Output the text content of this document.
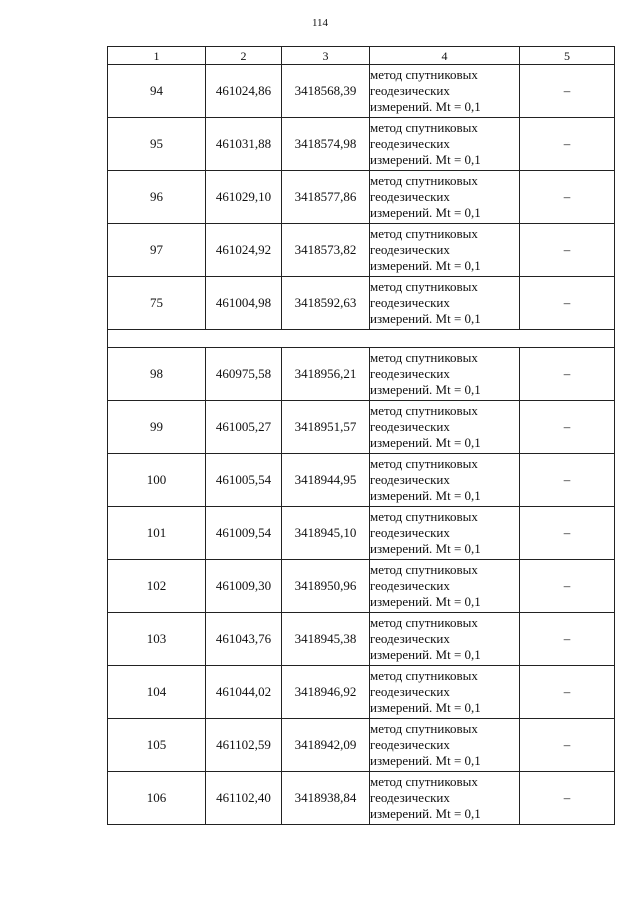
114
1	2	3	4	5
94	461024,86	3418568,39	метод спутниковых
геодезических
измерений. Mt = 0,1	–
95	461031,88	3418574,98	метод спутниковых
геодезических
измерений. Mt = 0,1	–
96	461029,10	3418577,86	метод спутниковых
геодезических
измерений. Mt = 0,1	–
97	461024,92	3418573,82	метод спутниковых
геодезических
измерений. Mt = 0,1	–
75	461004,98	3418592,63	метод спутниковых
геодезических
измерений. Mt = 0,1	–

98	460975,58	3418956,21	метод спутниковых
геодезических
измерений. Mt = 0,1	–
99	461005,27	3418951,57	метод спутниковых
геодезических
измерений. Mt = 0,1	–
100	461005,54	3418944,95	метод спутниковых
геодезических
измерений. Mt = 0,1	–
101	461009,54	3418945,10	метод спутниковых
геодезических
измерений. Mt = 0,1	–
102	461009,30	3418950,96	метод спутниковых
геодезических
измерений. Mt = 0,1	–
103	461043,76	3418945,38	метод спутниковых
геодезических
измерений. Mt = 0,1	–
104	461044,02	3418946,92	метод спутниковых
геодезических
измерений. Mt = 0,1	–
105	461102,59	3418942,09	метод спутниковых
геодезических
измерений. Mt = 0,1	–
106	461102,40	3418938,84	метод спутниковых
геодезических
измерений. Mt = 0,1	–
